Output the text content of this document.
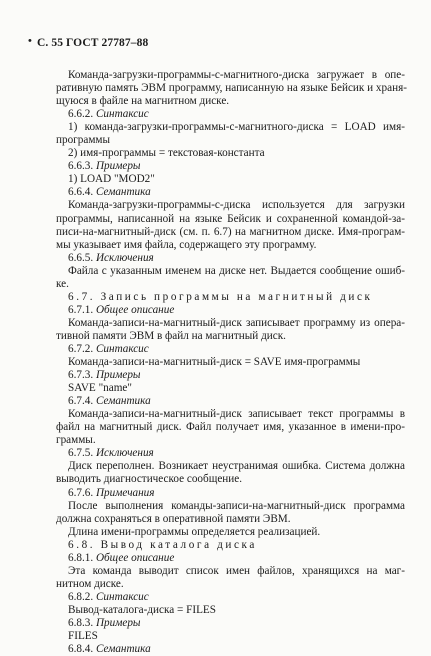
• С. 55 ГОСТ 27787–88
Команда-загрузки-программы-с-магнитного-диска загружает в опе-
ративную память ЭВМ программу, написанную на языке Бейсик и храня-
щуюся в файле на магнитном диске.
6.6.2. Синтаксис
1) команда-загрузки-программы-с-магнитного-диска = LOAD имя-
программы
2) имя-программы = текстовая-константа
6.6.3. Примеры
1) LOAD "MOD2"
6.6.4. Семантика
Команда-загрузки-программы-с-диска используется для загрузки
программы, написанной на языке Бейсик и сохраненной командой-за-
писи-на-магнитный-диск (см. п. 6.7) на магнитном диске. Имя-програм-
мы указывает имя файла, содержащего эту программу.
6.6.5. Исключения
Файла с указанным именем на диске нет. Выдается сообщение ошиб-
ке.
6.7. Запись программы на магнитный диск
6.7.1. Общее описание
Команда-записи-на-магнитный-диск записывает программу из опера-
тивной памяти ЭВМ в файл на магнитный диск.
6.7.2. Синтаксис
Команда-записи-на-магнитный-диск = SAVE имя-программы
6.7.3. Примеры
SAVE "name"
6.7.4. Семантика
Команда-записи-на-магнитный-диск записывает текст программы в
файл на магнитный диск. Файл получает имя, указанное в имени-про-
граммы.
6.7.5. Исключения
Диск переполнен. Возникает неустранимая ошибка. Система должна
выводить диагностическое сообщение.
6.7.6. Примечания
После выполнения команды-записи-на-магнитный-диск программа
должна сохраняться в оперативной памяти ЭВМ.
Длина имени-программы определяется реализацией.
6.8. Вывод каталога диска
6.8.1. Общее описание
Эта команда выводит список имен файлов, хранящихся на маг-
нитном диске.
6.8.2. Синтаксис
Вывод-каталога-диска = FILES
6.8.3. Примеры
FILES
6.8.4. Семантика
